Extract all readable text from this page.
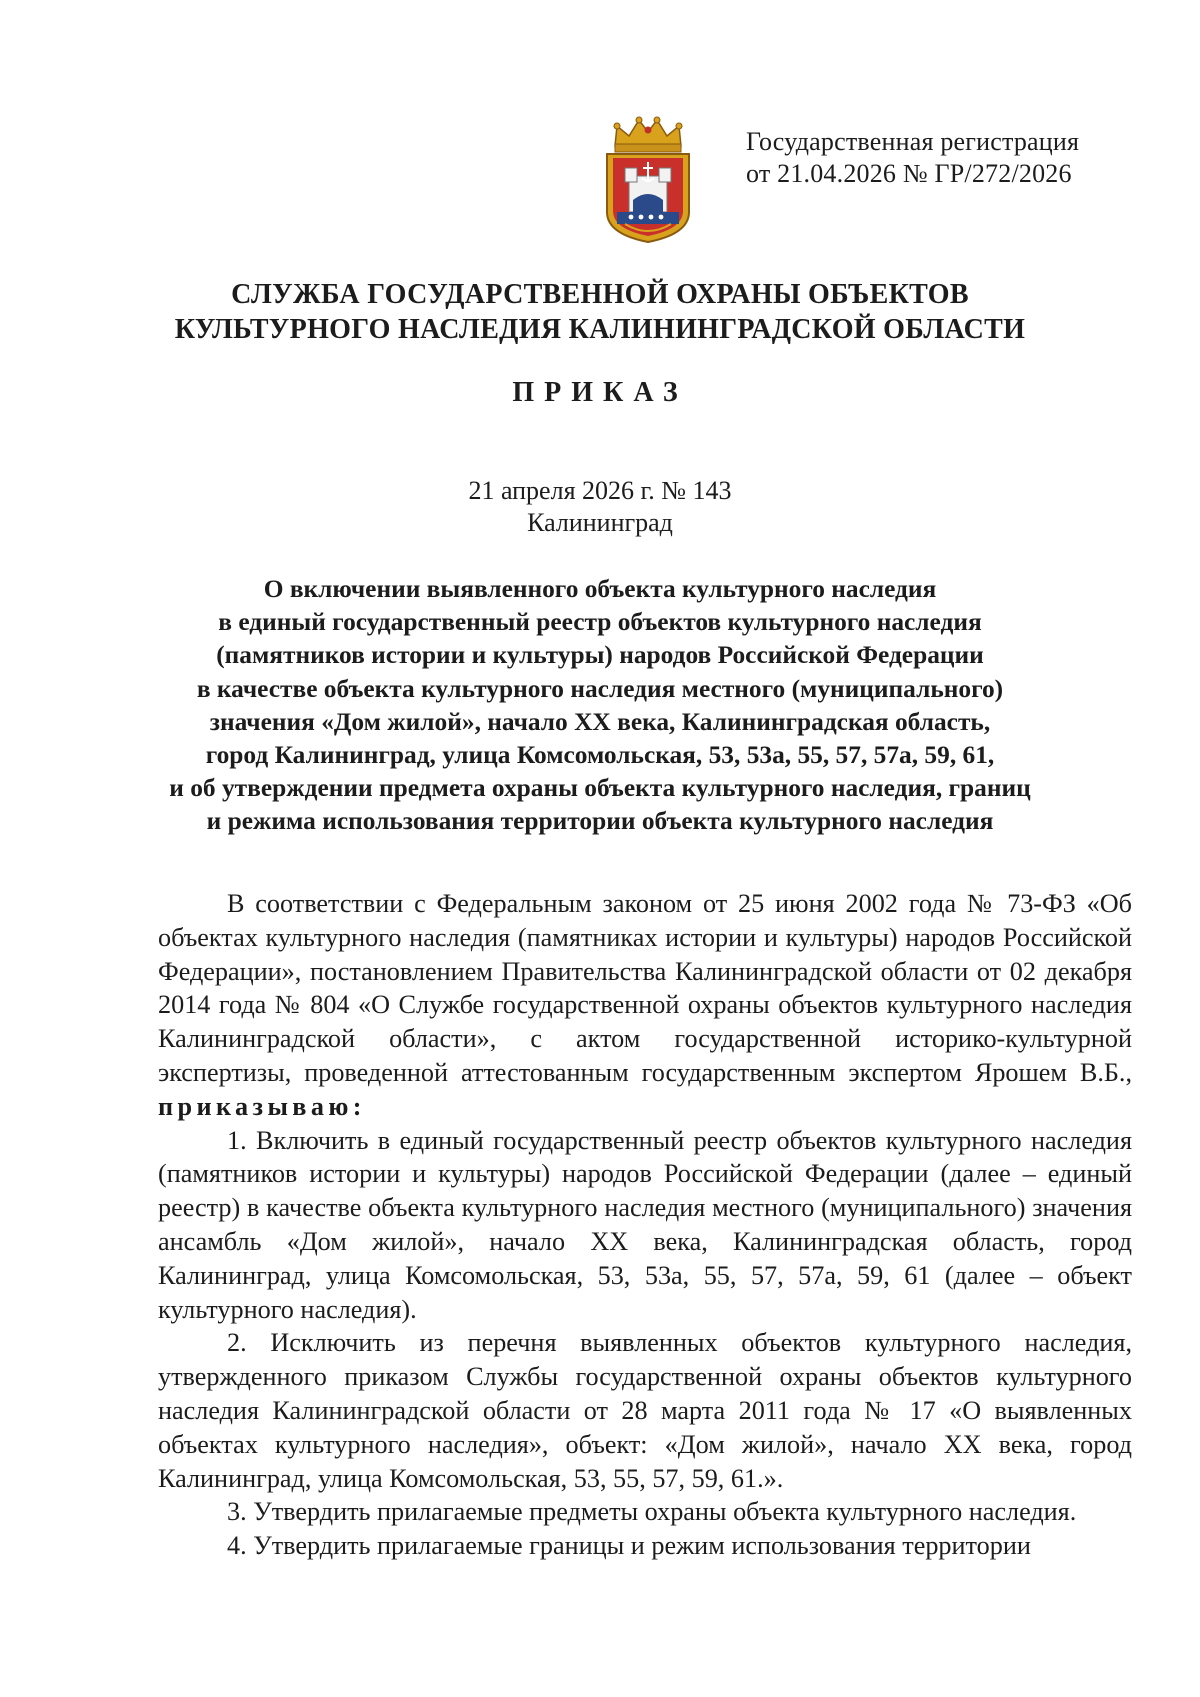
Государственная регистрация
от 21.04.2026 № ГР/272/2026
СЛУЖБА ГОСУДАРСТВЕННОЙ ОХРАНЫ ОБЪЕКТОВ
КУЛЬТУРНОГО НАСЛЕДИЯ КАЛИНИНГРАДСКОЙ ОБЛАСТИ
ПРИКАЗ
21 апреля 2026 г. № 143
Калининград
О включении выявленного объекта культурного наследия
в единый государственный реестр объектов культурного наследия
(памятников истории и культуры) народов Российской Федерации
в качестве объекта культурного наследия местного (муниципального)
значения «Дом жилой», начало XX века, Калининградская область,
город Калининград, улица Комсомольская, 53, 53а, 55, 57, 57а, 59, 61,
и об утверждении предмета охраны объекта культурного наследия, границ
и режима использования территории объекта культурного наследия

В соответствии с Федеральным законом от 25 июня 2002 года № 73-ФЗ «Об объектах культурного наследия (памятниках истории и культуры) народов Российской Федерации», постановлением Правительства Калининградской области от 02 декабря 2014 года № 804 «О Службе государственной охраны объектов культурного наследия Калининградской области», с актом государственной историко-культурной экспертизы, проведенной аттестованным государственным экспертом Ярошем В.Б., приказываю:

1. Включить в единый государственный реестр объектов культурного наследия (памятников истории и культуры) народов Российской Федерации (далее – единый реестр) в качестве объекта культурного наследия местного (муниципального) значения ансамбль «Дом жилой», начало XX века, Калининградская область, город Калининград, улица Комсомольская, 53, 53а, 55, 57, 57а, 59, 61 (далее – объект культурного наследия).

2. Исключить из перечня выявленных объектов культурного наследия, утвержденного приказом Службы государственной охраны объектов культурного наследия Калининградской области от 28 марта 2011 года № 17 «О выявленных объектах культурного наследия», объект: «Дом жилой», начало XX века, город Калининград, улица Комсомольская, 53, 55, 57, 59, 61.».

3. Утвердить прилагаемые предметы охраны объекта культурного наследия.

4. Утвердить прилагаемые границы и режим использования территории
